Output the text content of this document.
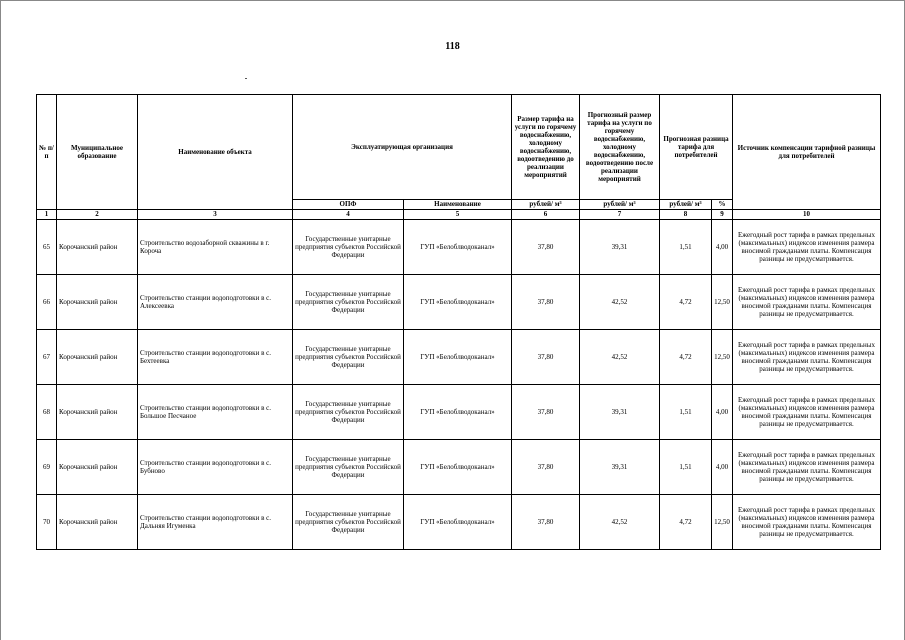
118
№ п/п	Муниципальное образование	Наименование объекта	Эксплуатирующая организация		Размер тарифа на услуги по горячему водоснабжению, холодному водоснабжению, водоотведению до реализации мероприятий	Прогнозный размер тарифа на услуги по горячему водоснабжению, холодному водоснабжению, водоотведению после реализации мероприятий	Прогнозная разница тарифа для потребителей		Источник компенсации тарифной разницы для потребителей
			ОПФ	Наименование	рублей/ м³	рублей/ м³	рублей/ м³	%	
1	2	3	4	5	6	7	8	9	10
65	Корочанский район	Строительство водозаборной скважины в г. Короча	Государственные унитарные предприятия субъектов Российской Федерации	ГУП «Белоблводоканал»	37,80	39,31	1,51	4,00	Ежегодный рост тарифа в рамках предельных (максимальных) индексов изменения размера вносимой гражданами платы. Компенсация разницы не предусматривается.
66	Корочанский район	Строительство станции водоподготовки в с. Алексеевка	Государственные унитарные предприятия субъектов Российской Федерации	ГУП «Белоблводоканал»	37,80	42,52	4,72	12,50	Ежегодный рост тарифа в рамках предельных (максимальных) индексов изменения размера вносимой гражданами платы. Компенсация разницы не предусматривается.
67	Корочанский район	Строительство станции водоподготовки в с. Бехтеевка	Государственные унитарные предприятия субъектов Российской Федерации	ГУП «Белоблводоканал»	37,80	42,52	4,72	12,50	Ежегодный рост тарифа в рамках предельных (максимальных) индексов изменения размера вносимой гражданами платы. Компенсация разницы не предусматривается.
68	Корочанский район	Строительство станции водоподготовки в с. Большое Песчаное	Государственные унитарные предприятия субъектов Российской Федерации	ГУП «Белоблводоканал»	37,80	39,31	1,51	4,00	Ежегодный рост тарифа в рамках предельных (максимальных) индексов изменения размера вносимой гражданами платы. Компенсация разницы не предусматривается.
69	Корочанский район	Строительство станции водоподготовки в с. Бубново	Государственные унитарные предприятия субъектов Российской Федерации	ГУП «Белоблводоканал»	37,80	39,31	1,51	4,00	Ежегодный рост тарифа в рамках предельных (максимальных) индексов изменения размера вносимой гражданами платы. Компенсация разницы не предусматривается.
70	Корочанский район	Строительство станции водоподготовки в с. Дальняя Игуменка	Государственные унитарные предприятия субъектов Российской Федерации	ГУП «Белоблводоканал»	37,80	42,52	4,72	12,50	Ежегодный рост тарифа в рамках предельных (максимальных) индексов изменения размера вносимой гражданами платы. Компенсация разницы не предусматривается.
